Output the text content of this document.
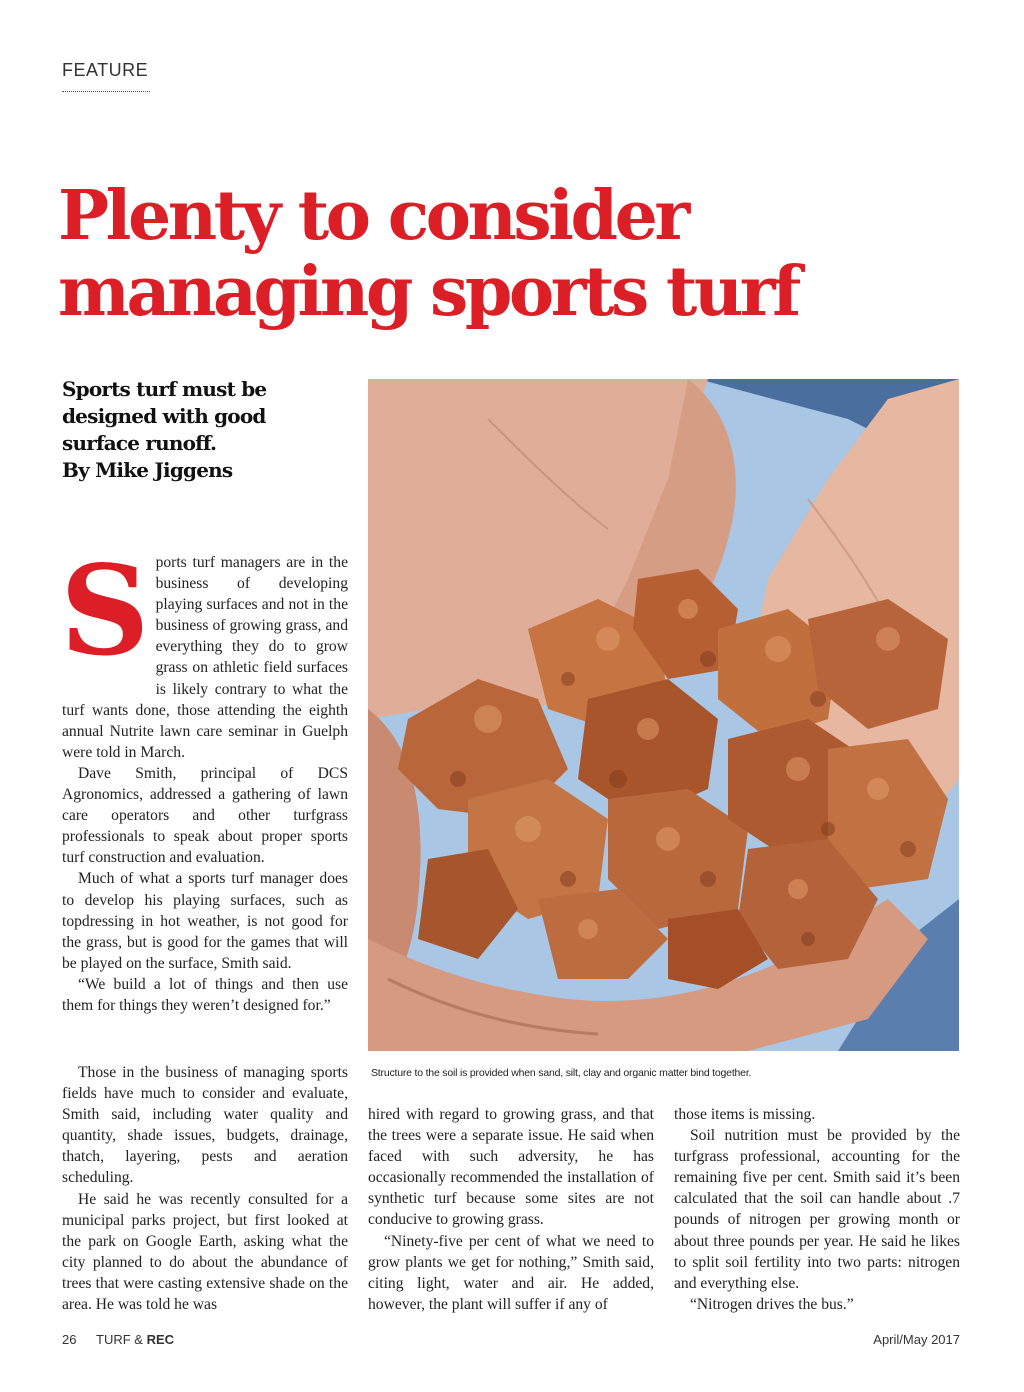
FEATURE
Plenty to consider
managing sports turf
Sports turf must be
designed with good
surface runoff.
By Mike Jiggens
Structure to the soil is provided when sand, silt, clay and organic matter bind together.
S ports turf managers are in the business of developing playing surfaces and not in the business of growing grass, and everything they do to grow grass on athletic field surfaces is likely contrary to what the turf wants done, those attending the eighth annual Nutrite lawn care seminar in Guelph were told in March.

Dave Smith, principal of DCS Agronomics, addressed a gathering of lawn care operators and other turfgrass professionals to speak about proper sports turf construction and evaluation.

Much of what a sports turf manager does to develop his playing surfaces, such as topdressing in hot weather, is not good for the grass, but is good for the games that will be played on the surface, Smith said.

“We build a lot of things and then use them for things they weren’t designed for.”

Those in the business of managing sports fields have much to consider and evaluate, Smith said, including water quality and quantity, shade issues, budgets, drainage, thatch, layering, pests and aeration scheduling.

He said he was recently consulted for a municipal parks project, but first looked at the park on Google Earth, asking what the city planned to do about the abundance of trees that were casting extensive shade on the area. He was told he was

hired with regard to growing grass, and that the trees were a separate issue. He said when faced with such adversity, he has occasionally recommended the installation of synthetic turf because some sites are not conducive to growing grass.

“Ninety-five per cent of what we need to grow plants we get for nothing,” Smith said, citing light, water and air. He added, however, the plant will suffer if any of

those items is missing.

Soil nutrition must be provided by the turfgrass professional, accounting for the remaining five per cent. Smith said it’s been calculated that the soil can handle about .7 pounds of nitrogen per growing month or about three pounds per year. He said he likes to split soil fertility into two parts: nitrogen and everything else.

“Nitrogen drives the bus.”

26 TURF & REC	April/May 2017
